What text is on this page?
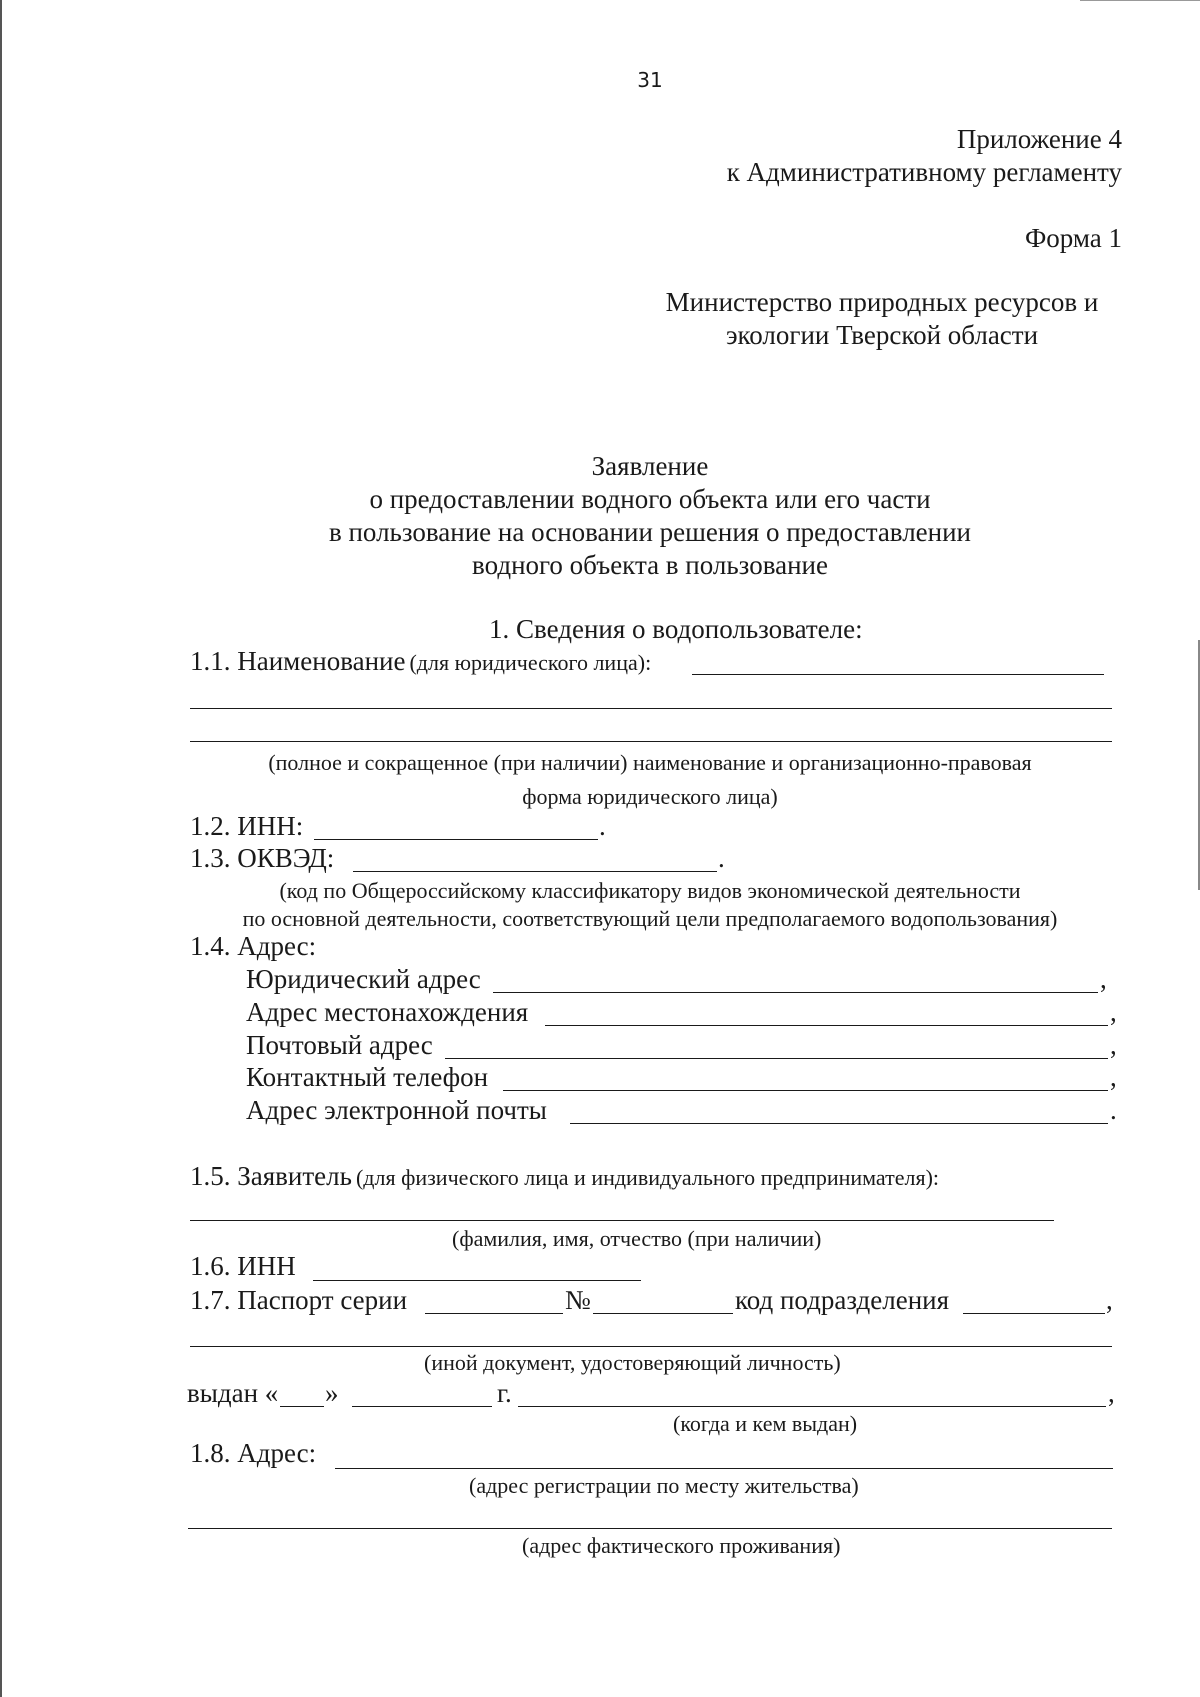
31
Приложение 4
к Административному регламенту
Форма 1
Министерство природных ресурсов и
экологии Тверской области
Заявление
о предоставлении водного объекта или его части
в пользование на основании решения о предоставлении
водного объекта в пользование
1. Сведения о водопользователе:
1.1. Наименование (для юридического лица):
(полное и сокращенное (при наличии) наименование и организационно-правовая
форма юридического лица)
1.2. ИНН:	.
1.3. ОКВЭД:	.
(код по Общероссийскому классификатору видов экономической деятельности
по основной деятельности, соответствующий цели предполагаемого водопользования)
1.4. Адрес:
Юридический адрес	,
Адрес местонахождения	,
Почтовый адрес	,
Контактный телефон	,
Адрес электронной почты	.
1.5. Заявитель (для физического лица и индивидуального предпринимателя):
(фамилия, имя, отчество (при наличии)
1.6. ИНН
1.7. Паспорт серии	№	код подразделения	,
(иной документ, удостоверяющий личность)
выдан « »	г.	,
(когда и кем выдан)
1.8. Адрес:
(адрес регистрации по месту жительства)
(адрес фактического проживания)
